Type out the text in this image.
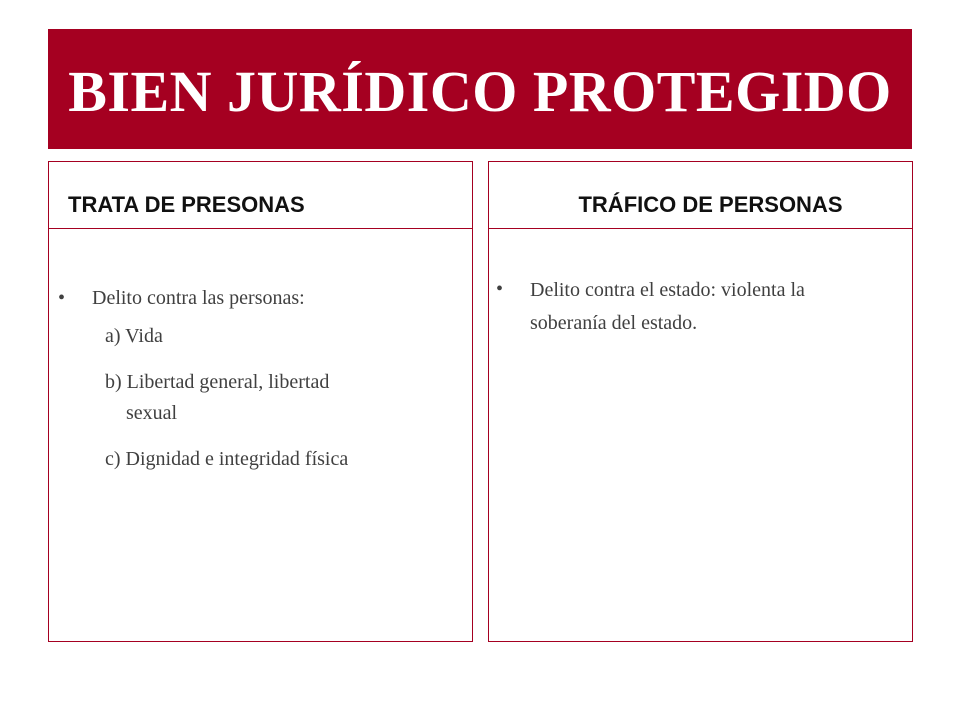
BIEN JURÍDICO PROTEGIDO
TRATA DE PRESONAS	TRÁFICO DE PERSONAS
•	Delito contra las personas:
a) Vida
b) Libertad general, libertad
sexual
c) Dignidad e integridad física
•	Delito contra el estado: violenta la
soberanía del estado.
